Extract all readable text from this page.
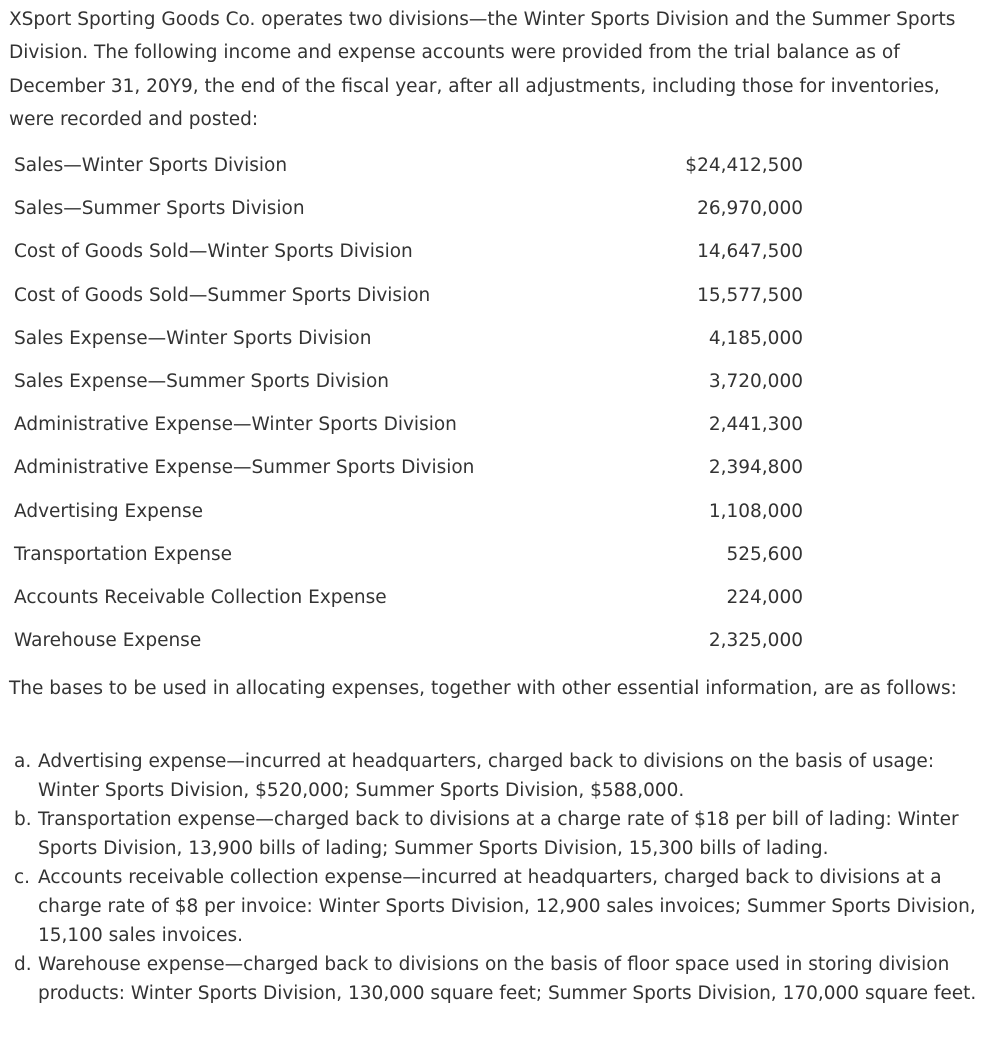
XSport Sporting Goods Co. operates two divisions—the Winter Sports Division and the Summer Sports Division. The following income and expense accounts were provided from the trial balance as of December 31, 20Y9, the end of the fiscal year, after all adjustments, including those for inventories, were recorded and posted:

Sales—Winter Sports Division	$24,412,500
Sales—Summer Sports Division	26,970,000
Cost of Goods Sold—Winter Sports Division	14,647,500
Cost of Goods Sold—Summer Sports Division	15,577,500
Sales Expense—Winter Sports Division	4,185,000
Sales Expense—Summer Sports Division	3,720,000
Administrative Expense—Winter Sports Division	2,441,300
Administrative Expense—Summer Sports Division	2,394,800
Advertising Expense	1,108,000
Transportation Expense	525,600
Accounts Receivable Collection Expense	224,000
Warehouse Expense	2,325,000

The bases to be used in allocating expenses, together with other essential information, are as follows:

a. Advertising expense—incurred at headquarters, charged back to divisions on the basis of usage: Winter Sports Division, $520,000; Summer Sports Division, $588,000.
b. Transportation expense—charged back to divisions at a charge rate of $18 per bill of lading: Winter Sports Division, 13,900 bills of lading; Summer Sports Division, 15,300 bills of lading.
c. Accounts receivable collection expense—incurred at headquarters, charged back to divisions at a charge rate of $8 per invoice: Winter Sports Division, 12,900 sales invoices; Summer Sports Division, 15,100 sales invoices.
d. Warehouse expense—charged back to divisions on the basis of floor space used in storing division products: Winter Sports Division, 130,000 square feet; Summer Sports Division, 170,000 square feet.
